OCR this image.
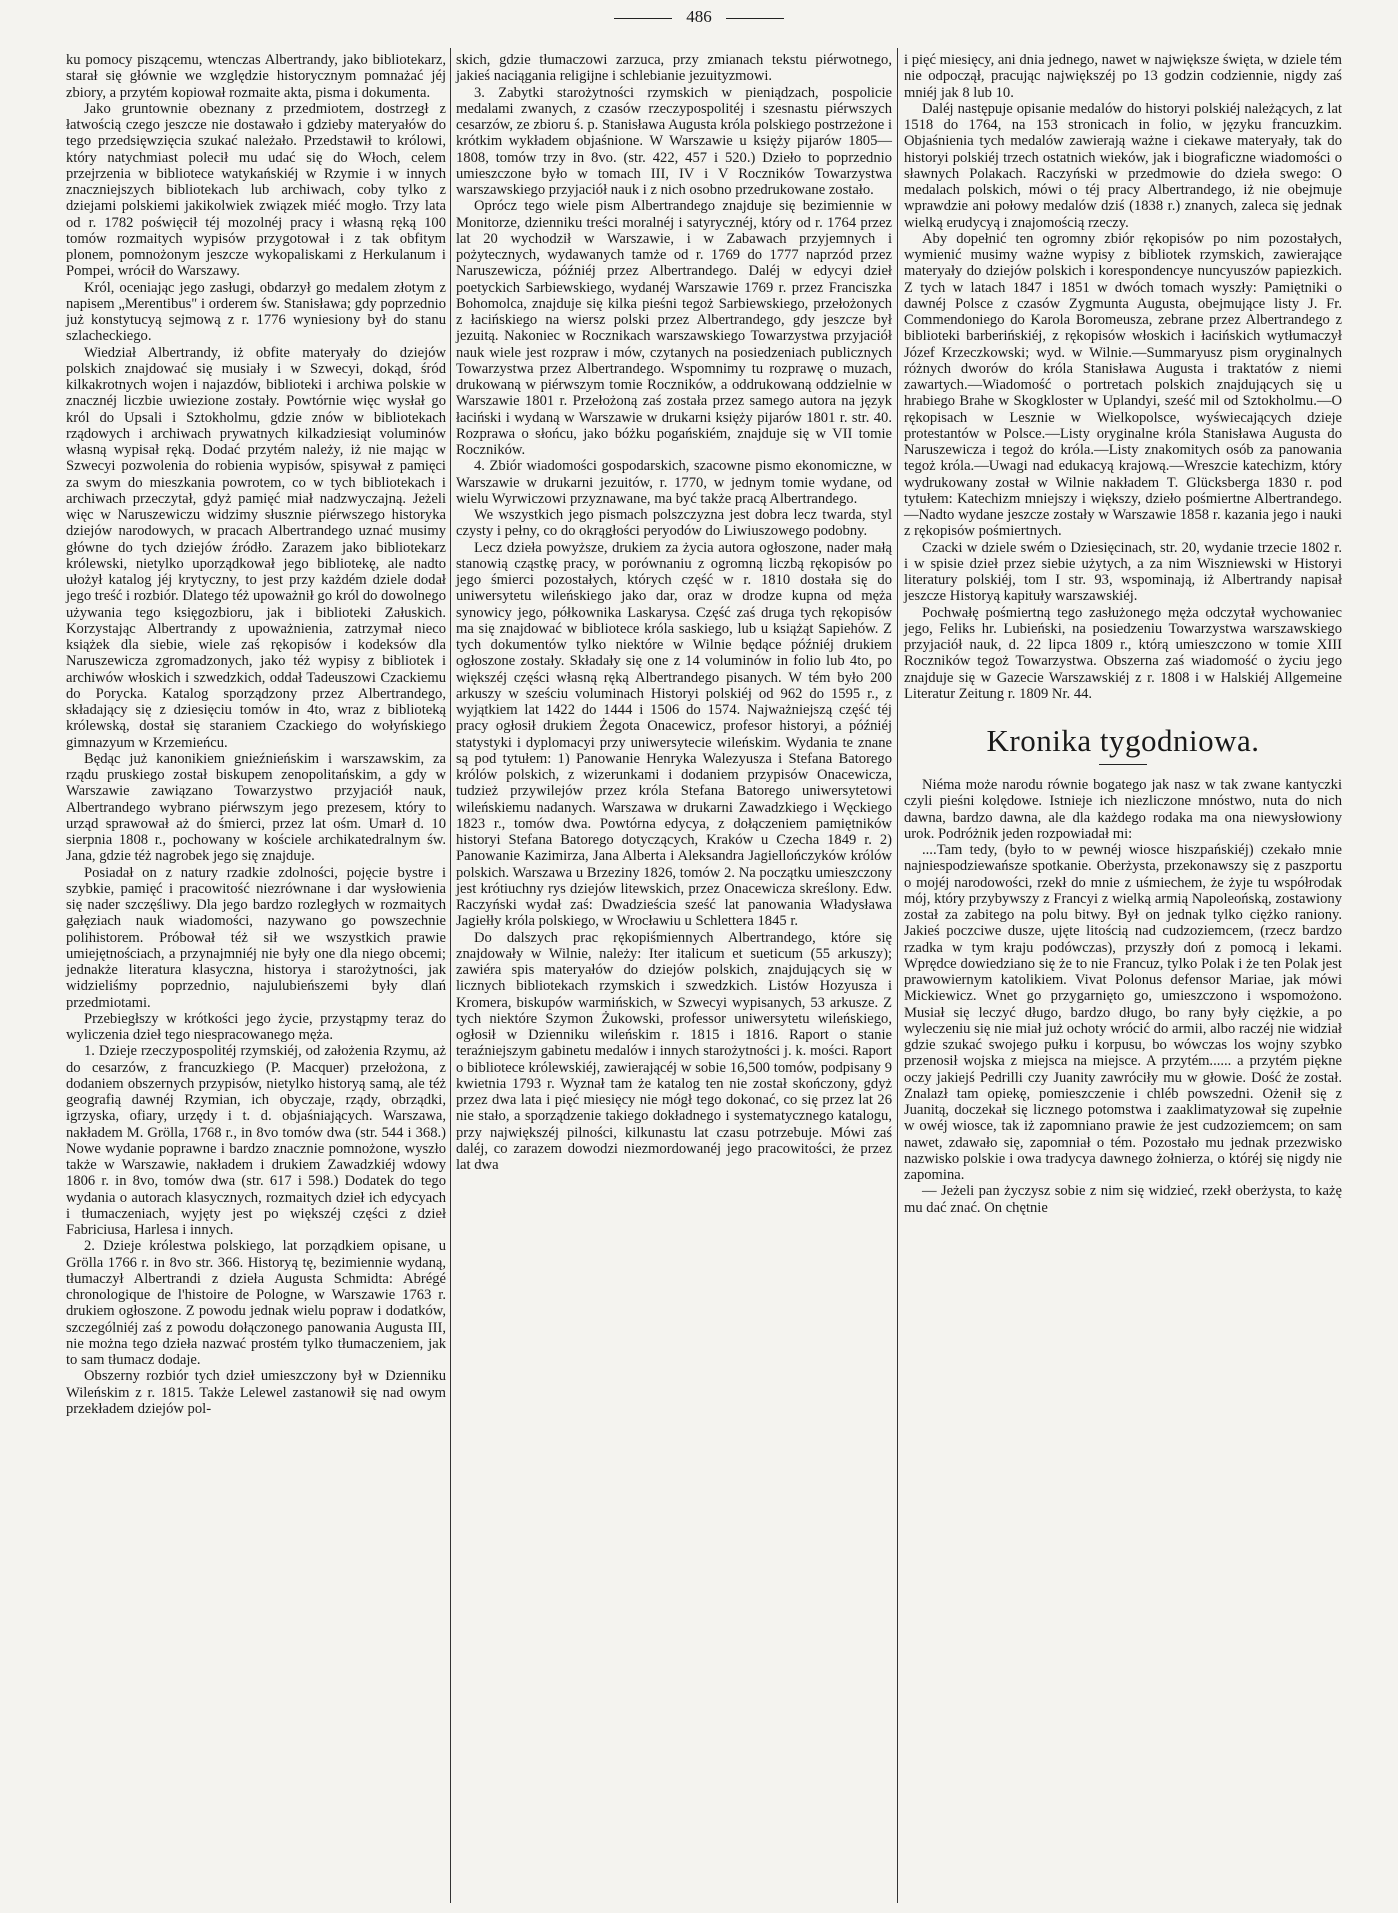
486

ku pomocy piszącemu, wtenczas Albertrandy, jako bibliotekarz, starał się głównie we względzie historycznym pomnażać jéj zbiory, a przytém kopiował rozmaite akta, pisma i dokumenta.

Jako gruntownie obeznany z przedmiotem, dostrzegł z łatwością czego jeszcze nie dostawało i gdzieby materyałów do tego przedsięwzięcia szukać należało. Przedstawił to królowi, który natychmiast polecił mu udać się do Włoch, celem przejrzenia w bibliotece watykańskiéj w Rzymie i w innych znaczniejszych bibliotekach lub archiwach, coby tylko z dziejami polskiemi jakikolwiek związek miéć mogło. Trzy lata od r. 1782 poświęcił téj mozolnéj pracy i własną ręką 100 tomów rozmaitych wypisów przygotował i z tak obfitym plonem, pomnożonym jeszcze wykopaliskami z Herkulanum i Pompei, wrócił do Warszawy.

Król, oceniając jego zasługi, obdarzył go medalem złotym z napisem „Merentibus" i orderem św. Stanisława; gdy poprzednio już konstytucyą sejmową z r. 1776 wyniesiony był do stanu szlacheckiego.

Wiedział Albertrandy, iż obfite materyały do dziejów polskich znajdować się musiały i w Szwecyi, dokąd, śród kilkakrotnych wojen i najazdów, biblioteki i archiwa polskie w znacznéj liczbie uwiezione zostały. Powtórnie więc wysłał go król do Upsali i Sztokholmu, gdzie znów w bibliotekach rządowych i archiwach prywatnych kilkadziesiąt voluminów własną wypisał ręką. Dodać przytém należy, iż nie mając w Szwecyi pozwolenia do robienia wypisów, spisywał z pamięci za swym do mieszkania powrotem, co w tych bibliotekach i archiwach przeczytał, gdyż pamięć miał nadzwyczajną. Jeżeli więc w Naruszewiczu widzimy słusznie piérwszego historyka dziejów narodowych, w pracach Albertrandego uznać musimy główne do tych dziejów źródło. Zarazem jako bibliotekarz królewski, nietylko uporządkował jego bibliotekę, ale nadto ułożył katalog jéj krytyczny, to jest przy każdém dziele dodał jego treść i rozbiór. Dlatego téż upoważnił go król do dowolnego używania tego księgozbioru, jak i biblioteki Załuskich. Korzystając Albertrandy z upoważnienia, zatrzymał nieco książek dla siebie, wiele zaś rękopisów i kodeksów dla Naruszewicza zgromadzonych, jako téż wypisy z bibliotek i archiwów włoskich i szwedzkich, oddał Tadeuszowi Czackiemu do Porycka. Katalog sporządzony przez Albertrandego, składający się z dziesięciu tomów in 4to, wraz z biblioteką królewską, dostał się staraniem Czackiego do wołyńskiego gimnazyum w Krzemieńcu.

Będąc już kanonikiem gnieźnieńskim i warszawskim, za rządu pruskiego został biskupem zenopolitańskim, a gdy w Warszawie zawiązano Towarzystwo przyjaciół nauk, Albertrandego wybrano piérwszym jego prezesem, który to urząd sprawował aż do śmierci, przez lat ośm. Umarł d. 10 sierpnia 1808 r., pochowany w kościele archikatedralnym św. Jana, gdzie téż nagrobek jego się znajduje.

Posiadał on z natury rzadkie zdolności, pojęcie bystre i szybkie, pamięć i pracowitość niezrównane i dar wysłowienia się nader szczęśliwy. Dla jego bardzo rozległych w rozmaitych gałęziach nauk wiadomości, nazywano go powszechnie polihistorem. Próbował téż sił we wszystkich prawie umiejętnościach, a przynajmniéj nie były one dla niego obcemi; jednakże literatura klasyczna, historya i starożytności, jak widzieliśmy poprzednio, najulubieńszemi były dlań przedmiotami.

Przebiegłszy w krótkości jego życie, przystąpmy teraz do wyliczenia dzieł tego niespracowanego męża.

1. Dzieje rzeczypospolitéj rzymskiéj, od założenia Rzymu, aż do cesarzów, z francuzkiego (P. Macquer) przełożona, z dodaniem obszernych przypisów, nietylko historyą samą, ale téż geografią dawnéj Rzymian, ich obyczaje, rządy, obrządki, igrzyska, ofiary, urzędy i t. d. objaśniających. Warszawa, nakładem M. Grölla, 1768 r., in 8vo tomów dwa (str. 544 i 368.) Nowe wydanie poprawne i bardzo znacznie pomnożone, wyszło także w Warszawie, nakładem i drukiem Zawadzkiéj wdowy 1806 r. in 8vo, tomów dwa (str. 617 i 598.) Dodatek do tego wydania o autorach klasycznych, rozmaitych dzieł ich edycyach i tłumaczeniach, wyjęty jest po większéj części z dzieł Fabriciusa, Harlesa i innych.

2. Dzieje królestwa polskiego, lat porządkiem opisane, u Grölla 1766 r. in 8vo str. 366. Historyą tę, bezimiennie wydaną, tłumaczył Albertrandi z dzieła Augusta Schmidta: Abrégé chronologique de l'histoire de Pologne, w Warszawie 1763 r. drukiem ogłoszone. Z powodu jednak wielu popraw i dodatków, szczególniéj zaś z powodu dołączonego panowania Augusta III, nie można tego dzieła nazwać prostém tylko tłumaczeniem, jak to sam tłumacz dodaje.

Obszerny rozbiór tych dzieł umieszczony był w Dzienniku Wileńskim z r. 1815. Także Lelewel zastanowił się nad owym przekładem dziejów pol-

skich, gdzie tłumaczowi zarzuca, przy zmianach tekstu piérwotnego, jakieś naciągania religijne i schlebianie jezuityzmowi.

3. Zabytki starożytności rzymskich w pieniądzach, pospolicie medalami zwanych, z czasów rzeczypospolitéj i szesnastu piérwszych cesarzów, ze zbioru ś. p. Stanisława Augusta króla polskiego postrzeżone i krótkim wykładem objaśnione. W Warszawie u księży pijarów 1805—1808, tomów trzy in 8vo. (str. 422, 457 i 520.) Dzieło to poprzednio umieszczone było w tomach III, IV i V Roczników Towarzystwa warszawskiego przyjaciół nauk i z nich osobno przedrukowane zostało.

Oprócz tego wiele pism Albertrandego znajduje się bezimiennie w Monitorze, dzienniku treści moralnéj i satyrycznéj, który od r. 1764 przez lat 20 wychodził w Warszawie, i w Zabawach przyjemnych i pożytecznych, wydawanych tamże od r. 1769 do 1777 naprzód przez Naruszewicza, późniéj przez Albertrandego. Daléj w edycyi dzieł poetyckich Sarbiewskiego, wydanéj Warszawie 1769 r. przez Franciszka Bohomolca, znajduje się kilka pieśni tegoż Sarbiewskiego, przełożonych z łacińskiego na wiersz polski przez Albertrandego, gdy jeszcze był jezuitą. Nakoniec w Rocznikach warszawskiego Towarzystwa przyjaciół nauk wiele jest rozpraw i mów, czytanych na posiedzeniach publicznych Towarzystwa przez Albertrandego. Wspomnimy tu rozprawę o muzach, drukowaną w piérwszym tomie Roczników, a oddrukowaną oddzielnie w Warszawie 1801 r. Przełożoną zaś została przez samego autora na język łaciński i wydaną w Warszawie w drukarni księży pijarów 1801 r. str. 40. Rozprawa o słońcu, jako bóżku pogańskiém, znajduje się w VII tomie Roczników.

4. Zbiór wiadomości gospodarskich, szacowne pismo ekonomiczne, w Warszawie w drukarni jezuitów, r. 1770, w jednym tomie wydane, od wielu Wyrwiczowi przyznawane, ma być także pracą Albertrandego.

We wszystkich jego pismach polszczyzna jest dobra lecz twarda, styl czysty i pełny, co do okrągłości peryodów do Liwiuszowego podobny.

Lecz dzieła powyższe, drukiem za życia autora ogłoszone, nader małą stanowią cząstkę pracy, w porównaniu z ogromną liczbą rękopisów po jego śmierci pozostałych, których część w r. 1810 dostała się do uniwersytetu wileńskiego jako dar, oraz w drodze kupna od męża synowicy jego, półkownika Laskarysa. Część zaś druga tych rękopisów ma się znajdować w bibliotece króla saskiego, lub u książąt Sapiehów. Z tych dokumentów tylko niektóre w Wilnie będące późniéj drukiem ogłoszone zostały. Składały się one z 14 voluminów in folio lub 4to, po większéj części własną ręką Albertrandego pisanych. W tém było 200 arkuszy w sześciu voluminach Historyi polskiéj od 962 do 1595 r., z wyjątkiem lat 1422 do 1444 i 1506 do 1574. Najważniejszą część téj pracy ogłosił drukiem Żegota Onacewicz, profesor historyi, a późniéj statystyki i dyplomacyi przy uniwersytecie wileńskim. Wydania te znane są pod tytułem: 1) Panowanie Henryka Walezyusza i Stefana Batorego królów polskich, z wizerunkami i dodaniem przypisów Onacewicza, tudzież przywilejów przez króla Stefana Batorego uniwersytetowi wileńskiemu nadanych. Warszawa w drukarni Zawadzkiego i Węckiego 1823 r., tomów dwa. Powtórna edycya, z dołączeniem pamiętników historyi Stefana Batorego dotyczących, Kraków u Czecha 1849 r. 2) Panowanie Kazimirza, Jana Alberta i Aleksandra Jagiellończyków królów polskich. Warszawa u Brzeziny 1826, tomów 2. Na początku umieszczony jest krótiuchny rys dziejów litewskich, przez Onacewicza skreślony. Edw. Raczyński wydał zaś: Dwadzieścia sześć lat panowania Władysława Jagiełły króla polskiego, w Wrocławiu u Schlettera 1845 r.

Do dalszych prac rękopiśmiennych Albertrandego, które się znajdowały w Wilnie, należy: Iter italicum et sueticum (55 arkuszy); zawiéra spis materyałów do dziejów polskich, znajdujących się w licznych bibliotekach rzymskich i szwedzkich. Listów Hozyusza i Kromera, biskupów warmińskich, w Szwecyi wypisanych, 53 arkusze. Z tych niektóre Szymon Żukowski, professor uniwersytetu wileńskiego, ogłosił w Dzienniku wileńskim r. 1815 i 1816. Raport o stanie teraźniejszym gabinetu medalów i innych starożytności j. k. mości. Raport o bibliotece królewskiéj, zawierającéj w sobie 16,500 tomów, podpisany 9 kwietnia 1793 r. Wyznał tam że katalog ten nie został skończony, gdyż przez dwa lata i pięć miesięcy nie mógł tego dokonać, co się przez lat 26 nie stało, a sporządzenie takiego dokładnego i systematycznego katalogu, przy największéj pilności, kilkunastu lat czasu potrzebuje. Mówi zaś daléj, co zarazem dowodzi niezmordowanéj jego pracowitości, że przez lat dwa

i pięć miesięcy, ani dnia jednego, nawet w największe święta, w dziele tém nie odpoczął, pracując największéj po 13 godzin codziennie, nigdy zaś mniéj jak 8 lub 10.

Daléj następuje opisanie medalów do historyi polskiéj należących, z lat 1518 do 1764, na 153 stronicach in folio, w języku francuzkim. Objaśnienia tych medalów zawierają ważne i ciekawe materyały, tak do historyi polskiéj trzech ostatnich wieków, jak i biograficzne wiadomości o sławnych Polakach. Raczyński w przedmowie do dzieła swego: O medalach polskich, mówi o téj pracy Albertrandego, iż nie obejmuje wprawdzie ani połowy medalów dziś (1838 r.) znanych, zaleca się jednak wielką erudycyą i znajomością rzeczy.

Aby dopełnić ten ogromny zbiór rękopisów po nim pozostałych, wymienić musimy ważne wypisy z bibliotek rzymskich, zawierające materyały do dziejów polskich i korespondencye nuncyuszów papiezkich. Z tych w latach 1847 i 1851 w dwóch tomach wyszły: Pamiętniki o dawnéj Polsce z czasów Zygmunta Augusta, obejmujące listy J. Fr. Commendoniego do Karola Boromeusza, zebrane przez Albertrandego z biblioteki barberińskiéj, z rękopisów włoskich i łacińskich wytłumaczył Józef Krzeczkowski; wyd. w Wilnie.—Summaryusz pism oryginalnych różnych dworów do króla Stanisława Augusta i traktatów z niemi zawartych.—Wiadomość o portretach polskich znajdujących się u hrabiego Brahe w Skogkloster w Uplandyi, sześć mil od Sztokholmu.—O rękopisach w Lesznie w Wielkopolsce, wyświecających dzieje protestantów w Polsce.—Listy oryginalne króla Stanisława Augusta do Naruszewicza i tegoż do króla.—Listy znakomitych osób za panowania tegoż króla.—Uwagi nad edukacyą krajową.—Wreszcie katechizm, który wydrukowany został w Wilnie nakładem T. Glücksberga 1830 r. pod tytułem: Katechizm mniejszy i większy, dzieło pośmiertne Albertrandego.—Nadto wydane jeszcze zostały w Warszawie 1858 r. kazania jego i nauki z rękopisów pośmiertnych.

Czacki w dziele swém o Dziesięcinach, str. 20, wydanie trzecie 1802 r. i w spisie dzieł przez siebie użytych, a za nim Wiszniewski w Historyi literatury polskiéj, tom I str. 93, wspominają, iż Albertrandy napisał jeszcze Historyą kapituły warszawskiéj.

Pochwałę pośmiertną tego zasłużonego męża odczytał wychowaniec jego, Feliks hr. Lubieński, na posiedzeniu Towarzystwa warszawskiego przyjaciół nauk, d. 22 lipca 1809 r., którą umieszczono w tomie XIII Roczników tegoż Towarzystwa. Obszerna zaś wiadomość o życiu jego znajduje się w Gazecie Warszawskiéj z r. 1808 i w Halskiéj Allgemeine Literatur Zeitung r. 1809 Nr. 44.

Kronika tygodniowa.

Niéma może narodu równie bogatego jak nasz w tak zwane kantyczki czyli pieśni kolędowe. Istnieje ich niezliczone mnóstwo, nuta do nich dawna, bardzo dawna, ale dla każdego rodaka ma ona niewysłowiony urok. Podróżnik jeden rozpowiadał mi:

....Tam tedy, (było to w pewnéj wiosce hiszpańskiéj) czekało mnie najniespodziewańsze spotkanie. Oberżysta, przekonawszy się z paszportu o mojéj narodowości, rzekł do mnie z uśmiechem, że żyje tu współrodak mój, który przybywszy z Francyi z wielką armią Napoleońską, zostawiony został za zabitego na polu bitwy. Był on jednak tylko ciężko raniony. Jakieś poczciwe dusze, ujęte litością nad cudzoziemcem, (rzecz bardzo rzadka w tym kraju podówczas), przyszły doń z pomocą i lekami. Wprędce dowiedziano się że to nie Francuz, tylko Polak i że ten Polak jest prawowiernym katolikiem. Vivat Polonus defensor Mariae, jak mówi Mickiewicz. Wnet go przygarnięto go, umieszczono i wspomożono. Musiał się leczyć długo, bardzo długo, bo rany były ciężkie, a po wyleczeniu się nie miał już ochoty wrócić do armii, albo raczéj nie widział gdzie szukać swojego pułku i korpusu, bo wówczas los wojny szybko przenosił wojska z miejsca na miejsce. A przytém...... a przytém piękne oczy jakiejś Pedrilli czy Juanity zawróciły mu w głowie. Dość że został. Znalazł tam opiekę, pomieszczenie i chléb powszedni. Ożenił się z Juanitą, doczekał się licznego potomstwa i zaaklimatyzował się zupełnie w owéj wiosce, tak iż zapomniano prawie że jest cudzoziemcem; on sam nawet, zdawało się, zapomniał o tém. Pozostało mu jednak przezwisko nazwisko polskie i owa tradycya dawnego żołnierza, o któréj się nigdy nie zapomina.

— Jeżeli pan życzysz sobie z nim się widzieć, rzekł oberżysta, to każę mu dać znać. On chętnie
